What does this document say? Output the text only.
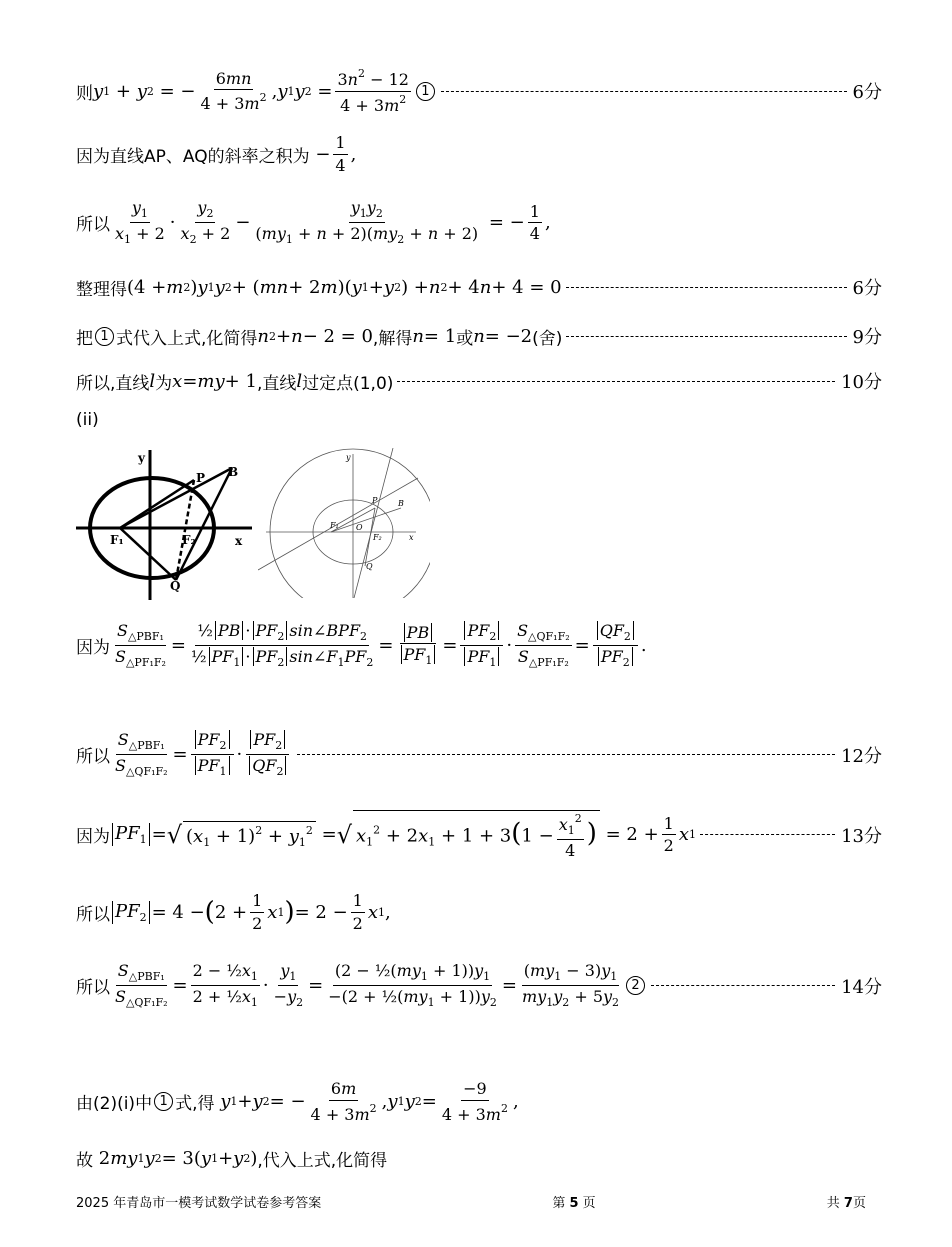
则 y 1 + y 2 = − $\frac{6mn}{4 + 3m^2}$ , y 1 y $2 = \frac{3n^2 - 12}{4 + 3m^2} 1$	6分
因为直线AP、AQ的斜率之积为 − $\frac{1}{4}$ ,
所以 $\frac{y_1}{x_1 + 2} \cdot \frac{y_2}{x_2 + 2} - \frac{y_1y_2}{(my_1 + n + 2)(my_2 + n + 2)}$ = − $\frac{1}{4}$ ,
整理得 (4 + m 2 ) y 1 y 2 + ( mn + 2 m )( y 1 + y 2 ) + n 2 + 4 n + 4 = 0	6分
把 1 式代入上式,化简得 n 2 + n − 2 = 0 ,解得 n = 1 或 n = −2 (舍)	9分
所以,直线 l 为 x = my + 1 ,直线 l 过定点(1,0)	10分
(ii)
y
x
P B
F₁	F₂
Q
y
x
P	B
F₁ O
F₂
Q
因为 $\frac{S_{\triangle PBF_1}}{S_{\triangle PF_1F_2}} = \frac{\frac{1}{2} PB \cdot PF_2 \sin\angle BPF_2}{\frac{1}{2} PF_1 \cdot PF_2 \sin\angle F_1PF_2} = \frac{PB}{PF_1} = \frac{PF_2}{PF_1} \cdot \frac{S_{\triangle QF_1F_2}}{S_{\triangle PF_1F_2}} = \frac{QF_2}{PF_2}$ .
所以 $\frac{S_{\triangle PBF_1}}{S_{\triangle QF_1F_2}} = \frac{PF_2}{PF_1} \cdot \frac{PF_2}{QF_2}$	12分
因为 $PF_1$ = √ $(x_1 + 1)^2 + y_1^2$ = √ $x_1^2 + 2x_1 + 1 + 3(1 - \frac{x_1^2}{4}$ ) = $2 + \frac{1}{2}$ x 1	13分
所以 $PF_2 = 4$ − ( $2 + \frac{1}{2}$ x 1 ) = $2 - \frac{1}{2}$ x 1 ,
所以 $\frac{S_{\triangle PBF_1}}{S_{\triangle QF_1F_2}} = \frac{2 - \frac{1}{2}x_1}{2 + \frac{1}{2}x_1} \cdot \frac{y_1}{-y_2} = \frac{(2 - \frac{1}{2}(my_1 + 1))y_1}{-(2 + \frac{1}{2}(my_1 + 1))y_2} = \frac{(my_1 - 3)y_1}{my_1y_2 + 5y_2} 2$	14分
由(2)(i)中 1 式,得
y 1 + y 2 = − $\frac{6m}{4 + 3m^2}$ , y 1 y $2 = \frac{-9}{4 + 3m^2}$ ,
故 2 my 1 y 2 = 3( y 1 + y 2 ) ,代入上式,化简得
2025 年青岛市一模考试数学试卷参考答案	第 5 页	共 7页
